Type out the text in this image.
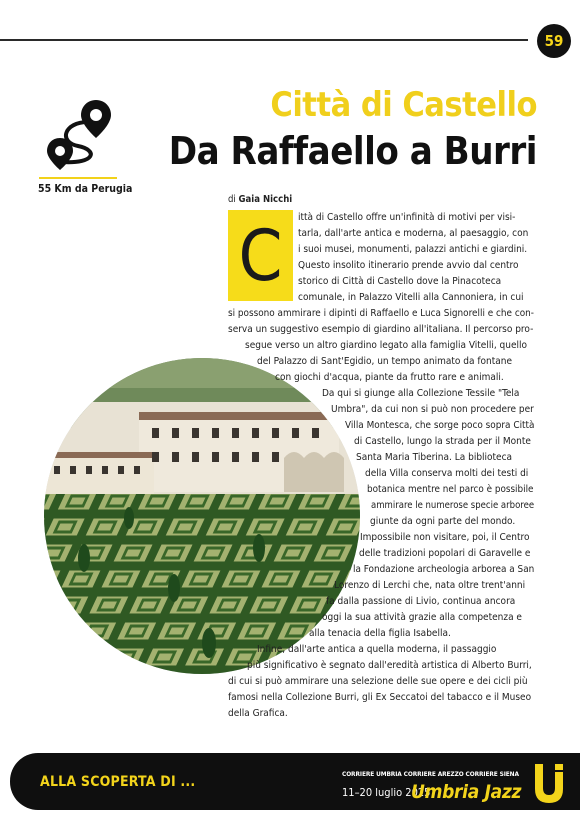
59
55 Km da Perugia
Città di Castello
Da Raffaello a Burri
di Gaia Nicchi
C	ittà di Castello offre un'infinità di motivi per visi-
tarla, dall'arte antica e moderna, al paesaggio, con
i suoi musei, monumenti, palazzi antichi e giardini.
Questo insolito itinerario prende avvio dal centro
storico di Città di Castello dove la Pinacoteca
comunale, in Palazzo Vitelli alla Cannoniera, in cui
si possono ammirare i dipinti di Raffaello e Luca Signorelli e che con-
serva un suggestivo esempio di giardino all'italiana. Il percorso pro-
segue verso un altro giardino legato alla famiglia Vitelli, quello
del Palazzo di Sant'Egidio, un tempo animato da fontane
con giochi d'acqua, piante da frutto rare e animali.
Da qui si giunge alla Collezione Tessile "Tela
Umbra", da cui non si può non procedere per
Villa Montesca, che sorge poco sopra Città
di Castello, lungo la strada per il Monte
Santa Maria Tiberina. La biblioteca
della Villa conserva molti dei testi di
botanica mentre nel parco è possibile
ammirare le numerose specie arboree
giunte da ogni parte del mondo.
Impossibile non visitare, poi, il Centro
delle tradizioni popolari di Garavelle e
la Fondazione archeologia arborea a San
Lorenzo di Lerchi che, nata oltre trent'anni
fa dalla passione di Livio, continua ancora
oggi la sua attività grazie alla competenza e
alla tenacia della figlia Isabella.
Infine, dall'arte antica a quella moderna, il passaggio
più significativo è segnato dall'eredità artistica di Alberto Burri,
di cui si può ammirare una selezione delle sue opere e dei cicli più
famosi nella Collezione Burri, gli Ex Seccatoi del tabacco e il Museo
della Grafica.
ALLA SCOPERTA DI ...	CORRIERE UMBRIA CORRIERE AREZZO CORRIERE SIENA
11–20 luglio 2025
Umbria Jazz
